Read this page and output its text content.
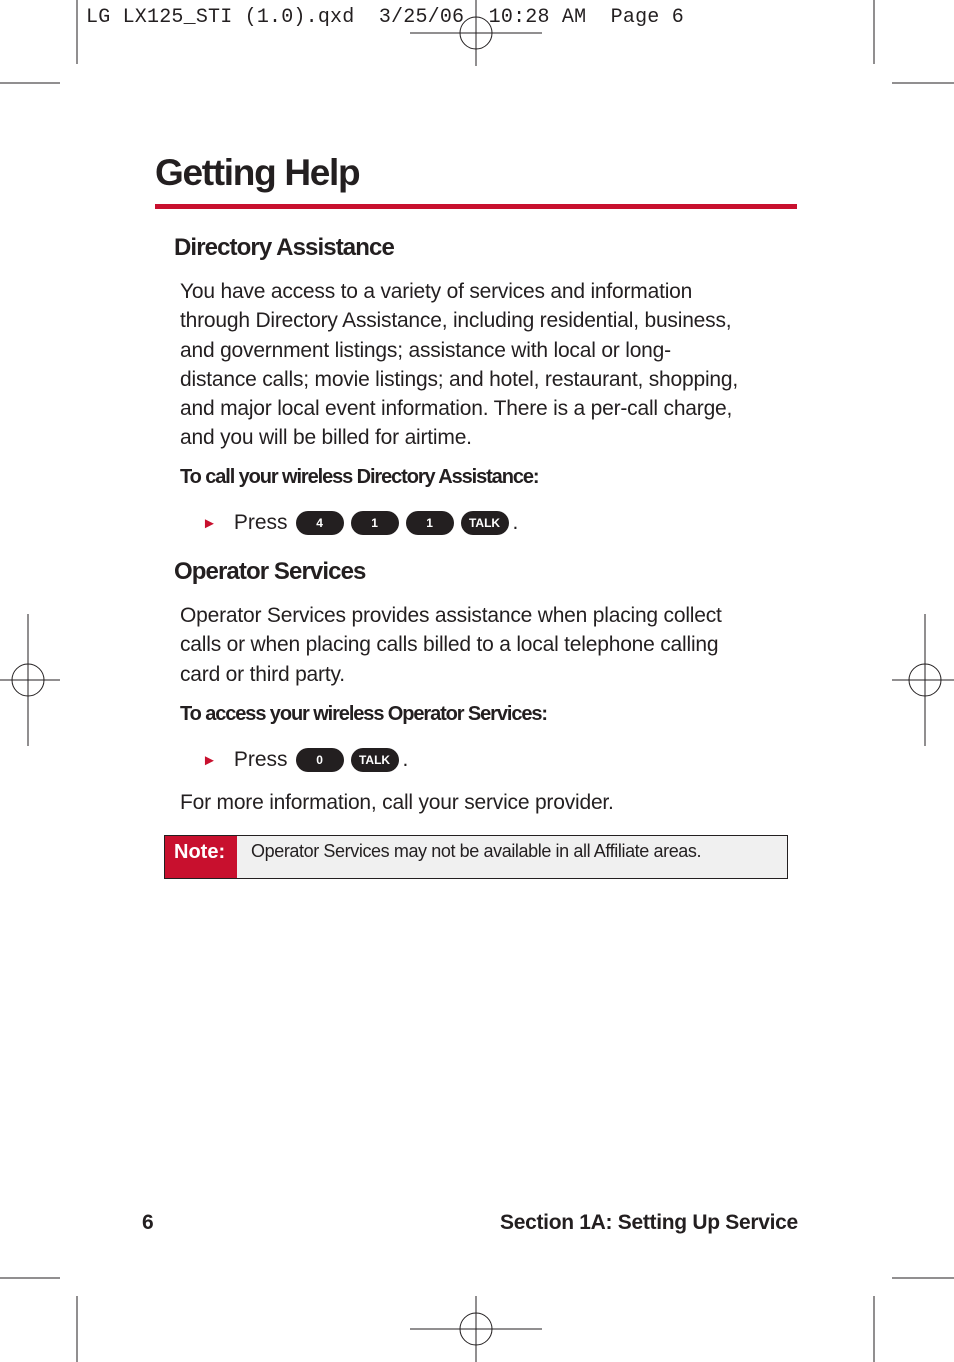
LG LX125_STI (1.0).qxd  3/25/06  10:28 AM  Page 6
Getting Help
Directory Assistance
You have access to a variety of services and information
through Directory Assistance, including residential, business,
and government listings; assistance with local or long-
distance calls; movie listings; and hotel, restaurant, shopping,
and major local event information. There is a per-call charge,
and you will be billed for airtime.
To call your wireless Directory Assistance:
► Press	4	1	1	TALK .
Operator Services
Operator Services provides assistance when placing collect
calls or when placing calls billed to a local telephone calling
card or third party.
To access your wireless Operator Services:
► Press	0	TALK .
For more information, call your service provider.
Note:	Operator Services may not be available in all Affiliate areas.
6	Section 1A: Setting Up Service
